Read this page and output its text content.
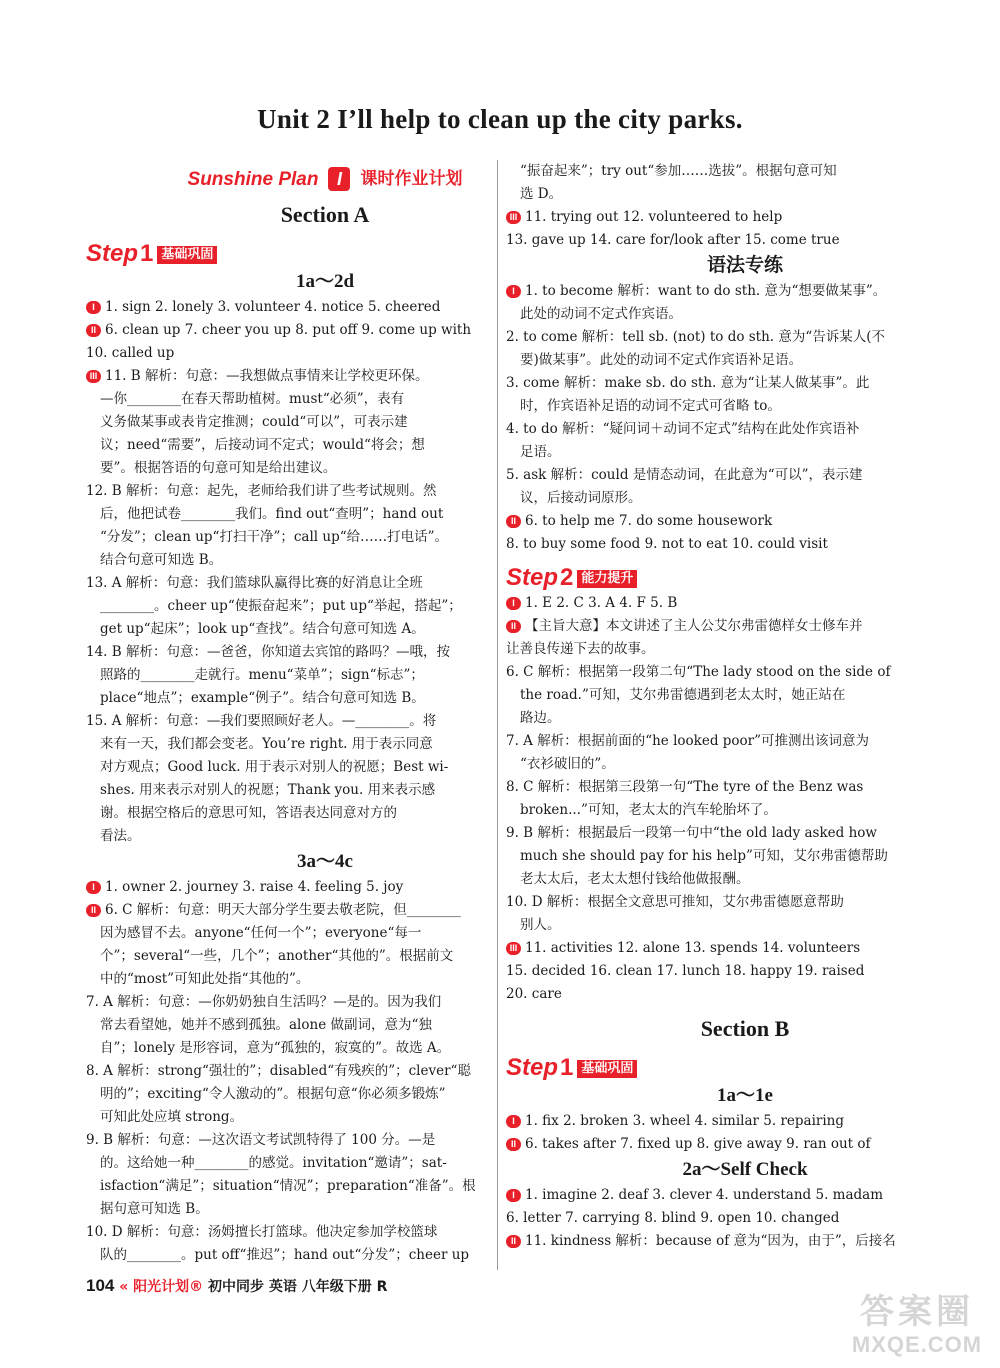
Unit 2 I’ll help to clean up the city parks.
Sunshine Plan	I	课时作业计划
Section A
Step 1 基础巩固
1a～2d
I 1. sign 2. lonely 3. volunteer 4. notice 5. cheered
II 6. clean up 7. cheer you up 8. put off 9. come up with
10. called up
III 11. B 解析：句意：—我想做点事情来让学校更环保。
—你________在春天帮助植树。must“必须”，表有
义务做某事或表肯定推测；could“可以”，可表示建
议；need“需要”，后接动词不定式；would“将会；想
要”。根据答语的句意可知是给出建议。
12. B 解析：句意：起先，老师给我们讲了些考试规则。然
后，他把试卷________我们。find out“查明”；hand out
“分发”；clean up“打扫干净”；call up“给……打电话”。
结合句意可知选 B。
13. A 解析：句意：我们篮球队赢得比赛的好消息让全班
________。cheer up“使振奋起来”；put up“举起，搭起”；
get up“起床”；look up“查找”。结合句意可知选 A。
14. B 解析：句意：—爸爸，你知道去宾馆的路吗？—哦，按
照路的________走就行。menu“菜单”；sign“标志”；
place“地点”；example“例子”。结合句意可知选 B。
15. A 解析：句意：—我们要照顾好老人。—________。将
来有一天，我们都会变老。You’re right. 用于表示同意
对方观点；Good luck. 用于表示对别人的祝愿；Best wi-
shes. 用来表示对别人的祝愿；Thank you. 用来表示感
谢。根据空格后的意思可知，答语表达同意对方的
看法。
3a～4c
I 1. owner 2. journey 3. raise 4. feeling 5. joy
II 6. C 解析：句意：明天大部分学生要去敬老院，但________
因为感冒不去。anyone“任何一个”；everyone“每一
个”；several“一些，几个”；another“其他的”。根据前文
中的“most”可知此处指“其他的”。
7. A 解析：句意：—你奶奶独自生活吗？—是的。因为我们
常去看望她，她并不感到孤独。alone 做副词，意为“独
自”；lonely 是形容词，意为“孤独的，寂寞的”。故选 A。
8. A 解析：strong“强壮的”；disabled“有残疾的”；clever“聪
明的”；exciting“令人激动的”。根据句意“你必须多锻炼”
可知此处应填 strong。
9. B 解析：句意：—这次语文考试凯特得了 100 分。—是
的。这给她一种________的感觉。invitation“邀请”；sat-
isfaction“满足”；situation“情况”；preparation“准备”。根
据句意可知选 B。
10. D 解析：句意：汤姆擅长打篮球。他决定参加学校篮球
队的________。put off“推迟”；hand out“分发”；cheer up
“振奋起来”；try out“参加……选拔”。根据句意可知
选 D。
III 11. trying out 12. volunteered to help
13. gave up 14. care for/look after 15. come true
语法专练
I 1. to become 解析：want to do sth. 意为“想要做某事”。
此处的动词不定式作宾语。
2. to come 解析：tell sb. (not) to do sth. 意为“告诉某人(不
要)做某事”。此处的动词不定式作宾语补足语。
3. come 解析：make sb. do sth. 意为“让某人做某事”。此
时，作宾语补足语的动词不定式可省略 to。
4. to do 解析：“疑问词＋动词不定式”结构在此处作宾语补
足语。
5. ask 解析：could 是情态动词，在此意为“可以”，表示建
议，后接动词原形。
II 6. to help me 7. do some housework
8. to buy some food 9. not to eat 10. could visit
Step 2 能力提升
I 1. E 2. C 3. A 4. F 5. B
II 【主旨大意】本文讲述了主人公艾尔弗雷德样女士修车并
让善良传递下去的故事。
6. C 解析：根据第一段第二句“The lady stood on the side of
the road.”可知，艾尔弗雷德遇到老太太时，她正站在
路边。
7. A 解析：根据前面的“he looked poor”可推测出该词意为
“衣衫破旧的”。
8. C 解析：根据第三段第一句“The tyre of the Benz was
broken...”可知，老太太的汽车轮胎坏了。
9. B 解析：根据最后一段第一句中“the old lady asked how
much she should pay for his help”可知，艾尔弗雷德帮助
老太太后，老太太想付钱给他做报酬。
10. D 解析：根据全文意思可推知，艾尔弗雷德愿意帮助
别人。
III 11. activities 12. alone 13. spends 14. volunteers
15. decided 16. clean 17. lunch 18. happy 19. raised
20. care
Section B
Step 1 基础巩固
1a～1e
I 1. fix 2. broken 3. wheel 4. similar 5. repairing
II 6. takes after 7. fixed up 8. give away 9. ran out of
2a～Self Check
I 1. imagine 2. deaf 3. clever 4. understand 5. madam
6. letter 7. carrying 8. blind 9. open 10. changed
II 11. kindness 解析：because of 意为“因为，由于”，后接名
104 « 阳光计划® 初中同步 英语 八年级下册 R
答案圈
MXQE.COM
